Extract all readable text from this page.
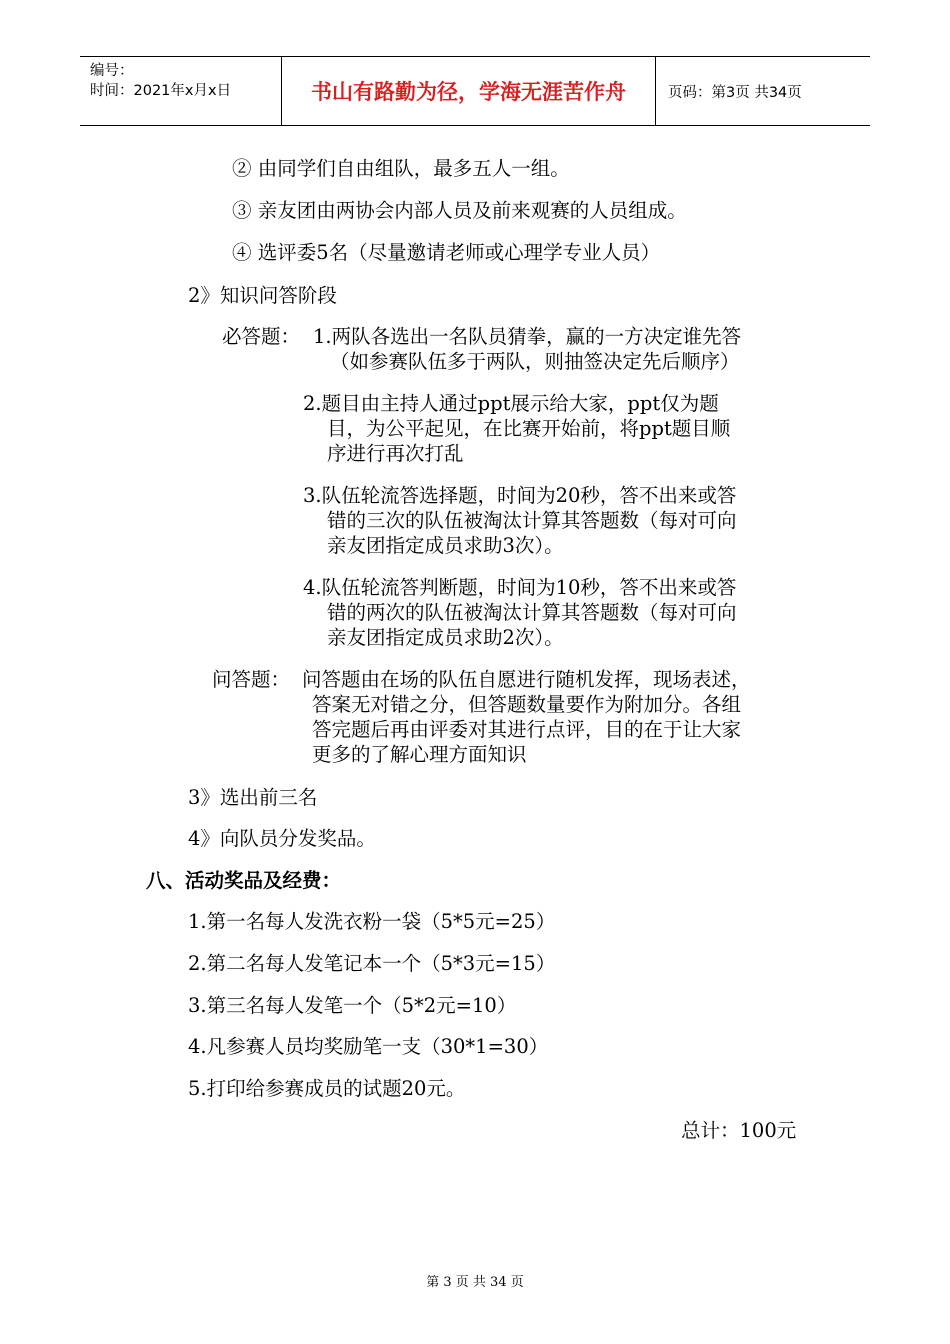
编号：
时间：2021年x月x日	书山有路勤为径，学海无涯苦作舟	页码：第3页 共34页
② 由同学们自由组队，最多五人一组。
③ 亲友团由两协会内部人员及前来观赛的人员组成。
④ 选评委5名（尽量邀请老师或心理学专业人员）
2》知识问答阶段
必答题： 1.两队各选出一名队员猜拳，赢的一方决定谁先答
（如参赛队伍多于两队，则抽签决定先后顺序）
2.题目由主持人通过ppt展示给大家，ppt仅为题
目，为公平起见，在比赛开始前，将ppt题目顺
序进行再次打乱
3.队伍轮流答选择题，时间为20秒，答不出来或答
错的三次的队伍被淘汰计算其答题数（每对可向
亲友团指定成员求助3次）。
4.队伍轮流答判断题，时间为10秒，答不出来或答
错的两次的队伍被淘汰计算其答题数（每对可向
亲友团指定成员求助2次）。
问答题： 问答题由在场的队伍自愿进行随机发挥，现场表述，
答案无对错之分，但答题数量要作为附加分。各组
答完题后再由评委对其进行点评，目的在于让大家
更多的了解心理方面知识
3》选出前三名
4》向队员分发奖品。
八、活动奖品及经费：
1.第一名每人发洗衣粉一袋（5*5元=25）
2.第二名每人发笔记本一个（5*3元=15）
3.第三名每人发笔一个（5*2元=10）
4.凡参赛人员均奖励笔一支（30*1=30）
5.打印给参赛成员的试题20元。
总计：100元
第 3 页 共 34 页
